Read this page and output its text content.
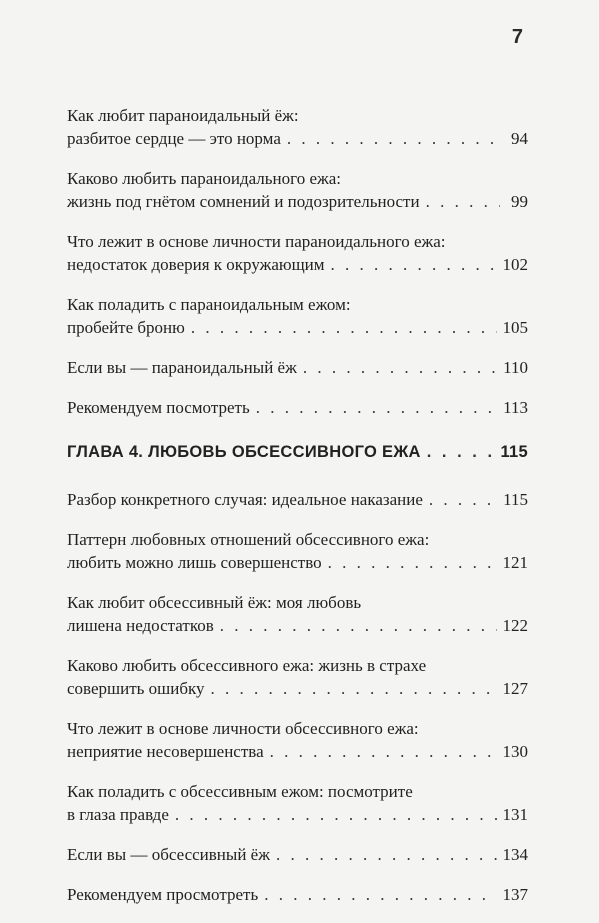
7
Как любит параноидальный ёж:
разбитое сердце — это норма . . .	94
Каково любить параноидального ежа:
жизнь под гнётом сомнений и подозрительности . . .	99
Что лежит в основе личности параноидального ежа:
недостаток доверия к окружающим . . .	102
Как поладить с параноидальным ежом:
пробейте броню . . .	105
Если вы — параноидальный ёж . . .	110
Рекомендуем посмотреть . . .	113
ГЛАВА 4. ЛЮБОВЬ ОБСЕССИВНОГО ЕЖА . . .	115
Разбор конкретного случая: идеальное наказание . . .	115
Паттерн любовных отношений обсессивного ежа:
любить можно лишь совершенство . . .	121
Как любит обсессивный ёж: моя любовь
лишена недостатков . . .	122
Каково любить обсессивного ежа: жизнь в страхе
совершить ошибку . . .	127
Что лежит в основе личности обсессивного ежа:
неприятие несовершенства . . .	130
Как поладить с обсессивным ежом: посмотрите
в глаза правде . . .	131
Если вы — обсессивный ёж . . .	134
Рекомендуем просмотреть . . .	137
